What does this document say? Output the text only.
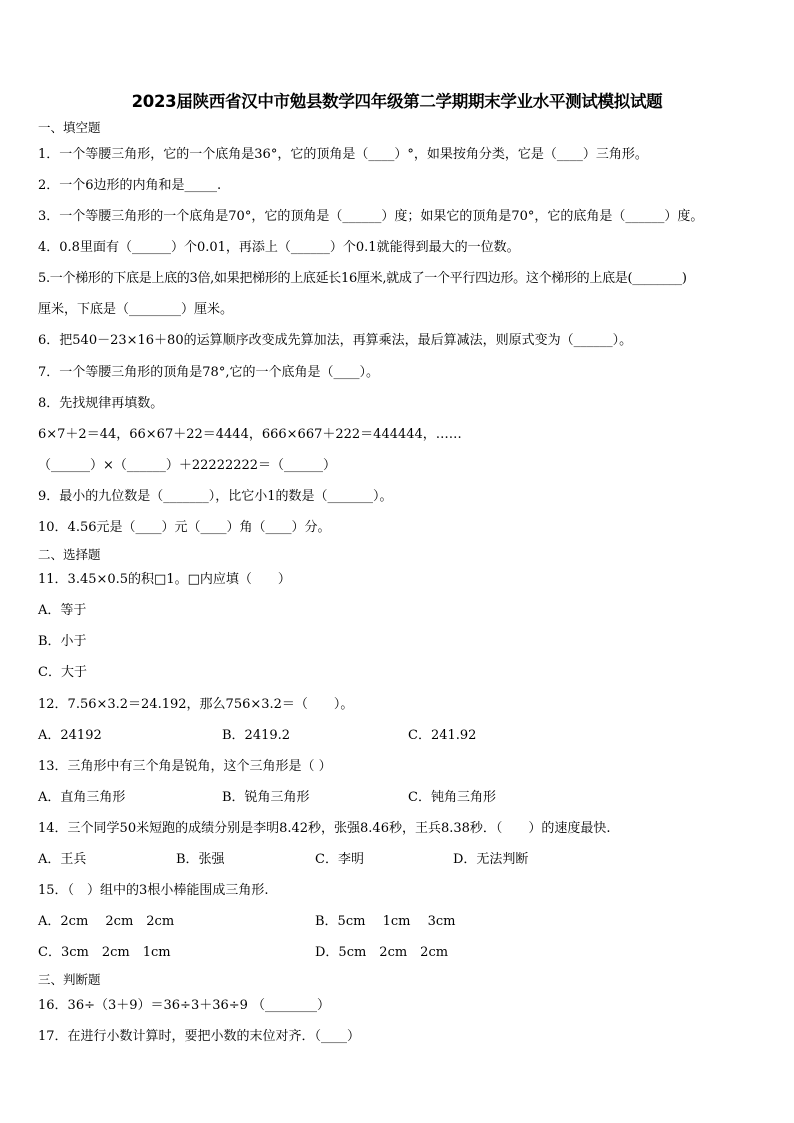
2023届陕西省汉中市勉县数学四年级第二学期期末学业水平测试模拟试题
一、填空题
1．一个等腰三角形，它的一个底角是36°，它的顶角是（____）°，如果按角分类，它是（____）三角形。
2．一个6边形的内角和是_____.
3．一个等腰三角形的一个底角是70°，它的顶角是（______）度；如果它的顶角是70°，它的底角是（______）度。
4．0.8里面有（______）个0.01，再添上（______）个0.1就能得到最大的一位数。
5.一个梯形的下底是上底的3倍,如果把梯形的上底延长16厘米,就成了一个平行四边形。这个梯形的上底是(________)
厘米，下底是（________）厘米。
6．把540－23×16＋80的运算顺序改变成先算加法，再算乘法，最后算减法，则原式变为（______）。
7．一个等腰三角形的顶角是78°,它的一个底角是（____）。
8．先找规律再填数。
6×7＋2＝44，66×67＋22＝4444，666×667＋222＝444444，……
（______）×（______）＋22222222＝（______）
9．最小的九位数是（_______），比它小1的数是（_______）。
10．4.56元是（____）元（____）角（____）分。
二、选择题
11．3.45×0.5的积□1。□内应填（　　）
A．等于
B．小于
C．大于
12．7.56×3.2＝24.192，那么756×3.2＝（　　）。
A．24192	B．2419.2	C．241.92
13．三角形中有三个角是锐角，这个三角形是（ ）
A．直角三角形	B．锐角三角形	C．钝角三角形
14．三个同学50米短跑的成绩分别是李明8.42秒，张强8.46秒，王兵8.38秒．（　　）的速度最快.
A．王兵	B．张强	C．李明	D．无法判断
15．（　）组中的3根小棒能围成三角形.
A．2cm　 2cm　2cm	B．5cm　 1cm　 3cm
C．3cm　2cm　1cm	D．5cm　2cm　2cm
三、判断题
16．36÷（3＋9）＝36÷3＋36÷9 （________）
17．在进行小数计算时，要把小数的末位对齐．（____）
